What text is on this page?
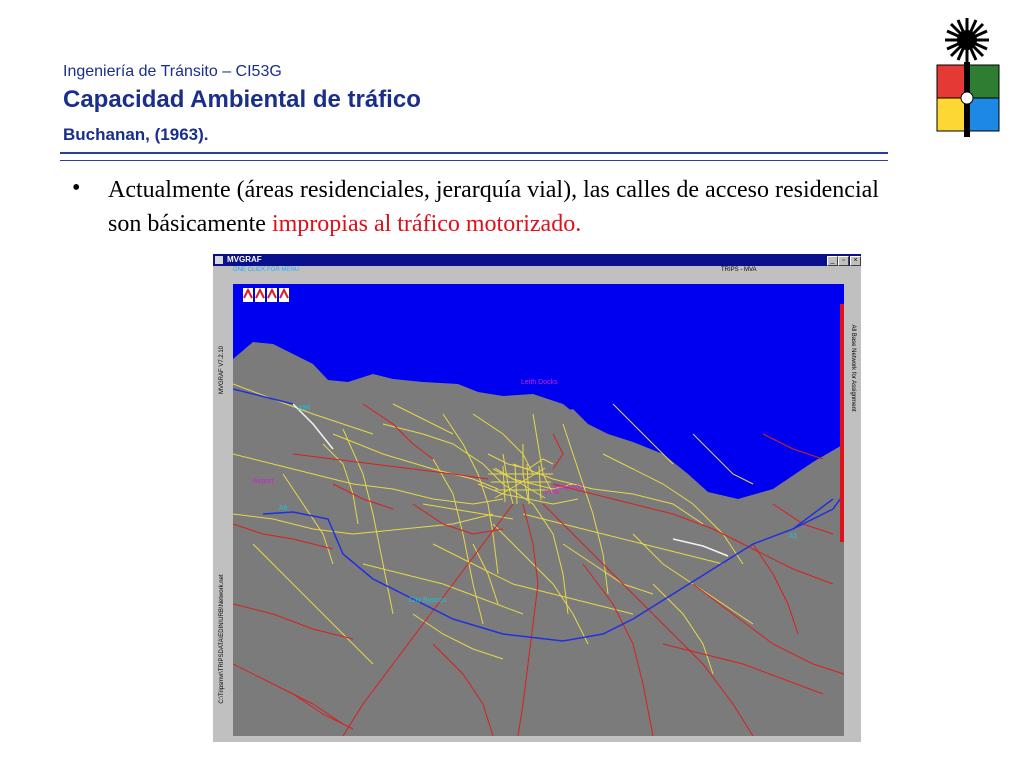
Ingeniería de Tránsito – CI53G
Capacidad Ambiental de tráfico
Buchanan, (1963).
• Actualmente (áreas residenciales, jerarquía vial), las calles de acceso residencial son básicamente impropias al tráfico motorizado.
MVGRAF	_	▫	×
ONE CLICK FOR MENU	TRIPS - MVA
MVGRAF V7.2.10
C:\Tripsmvr\TRIPSDATA\EDIN\URB\Network.net
All Base Network for Assignment
Leith Docks
A90
Airport
A8
Holyrood
Park
A1
City Bypass
